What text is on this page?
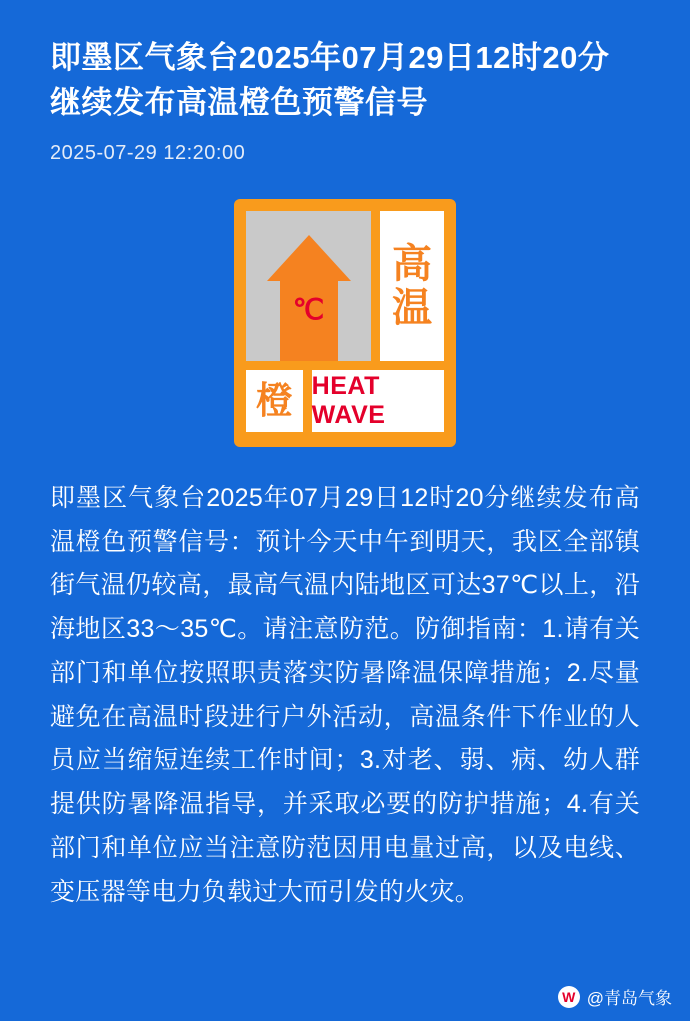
即墨区气象台2025年07月29日12时20分继续发布高温橙色预警信号
2025-07-29 12:20:00
℃
高
温
橙 HEAT WAVE
即墨区气象台2025年07月29日12时20分继续发布高温橙色预警信号：预计今天中午到明天，我区全部镇街气温仍较高，最高气温内陆地区可达37℃以上，沿海地区33～35℃。请注意防范。防御指南：1.请有关部门和单位按照职责落实防暑降温保障措施；2.尽量避免在高温时段进行户外活动，高温条件下作业的人员应当缩短连续工作时间；3.对老、弱、病、幼人群提供防暑降温指导，并采取必要的防护措施；4.有关部门和单位应当注意防范因用电量过高，以及电线、变压器等电力负载过大而引发的火灾。
W @青岛气象
